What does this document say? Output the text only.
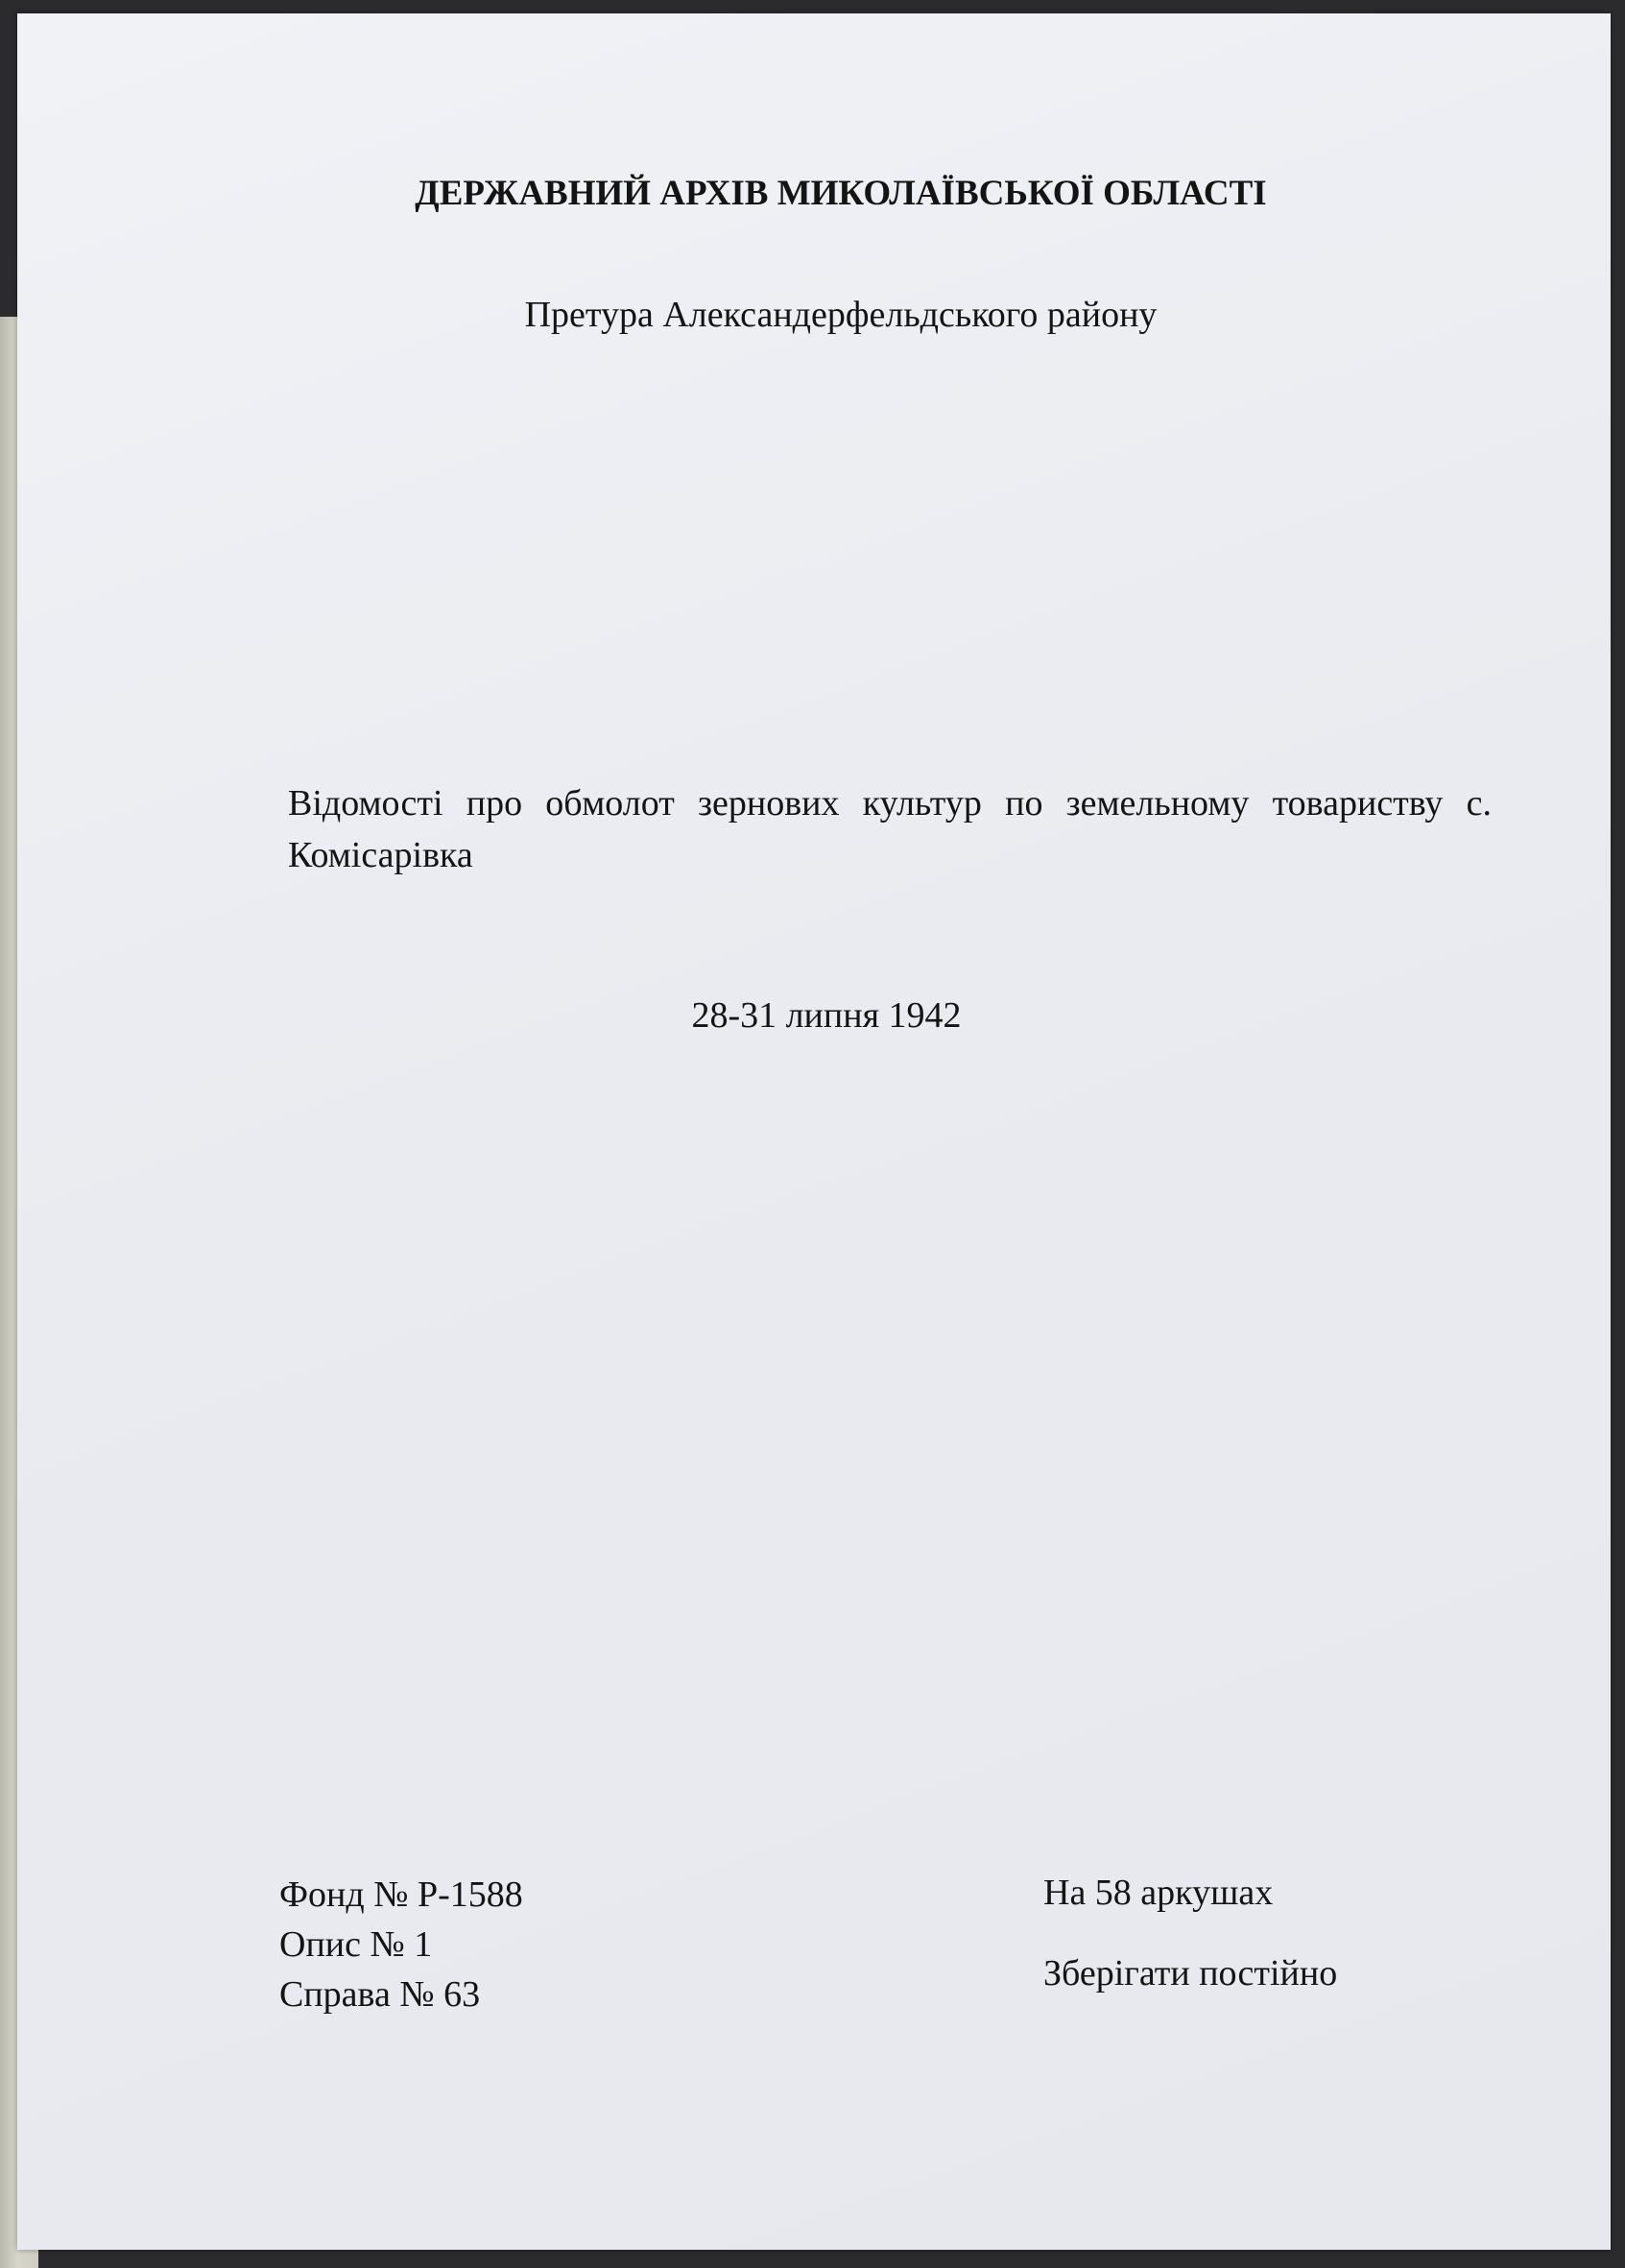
ДЕРЖАВНИЙ АРХІВ МИКОЛАЇВСЬКОЇ ОБЛАСТІ
Претура Александерфельдського району
Відомості про обмолот зернових культур по земельному товариству с. Комісарівка
28-31 липня 1942
Фонд № Р-1588
Опис № 1
Справа № 63
На 58 аркушах
Зберігати постійно
